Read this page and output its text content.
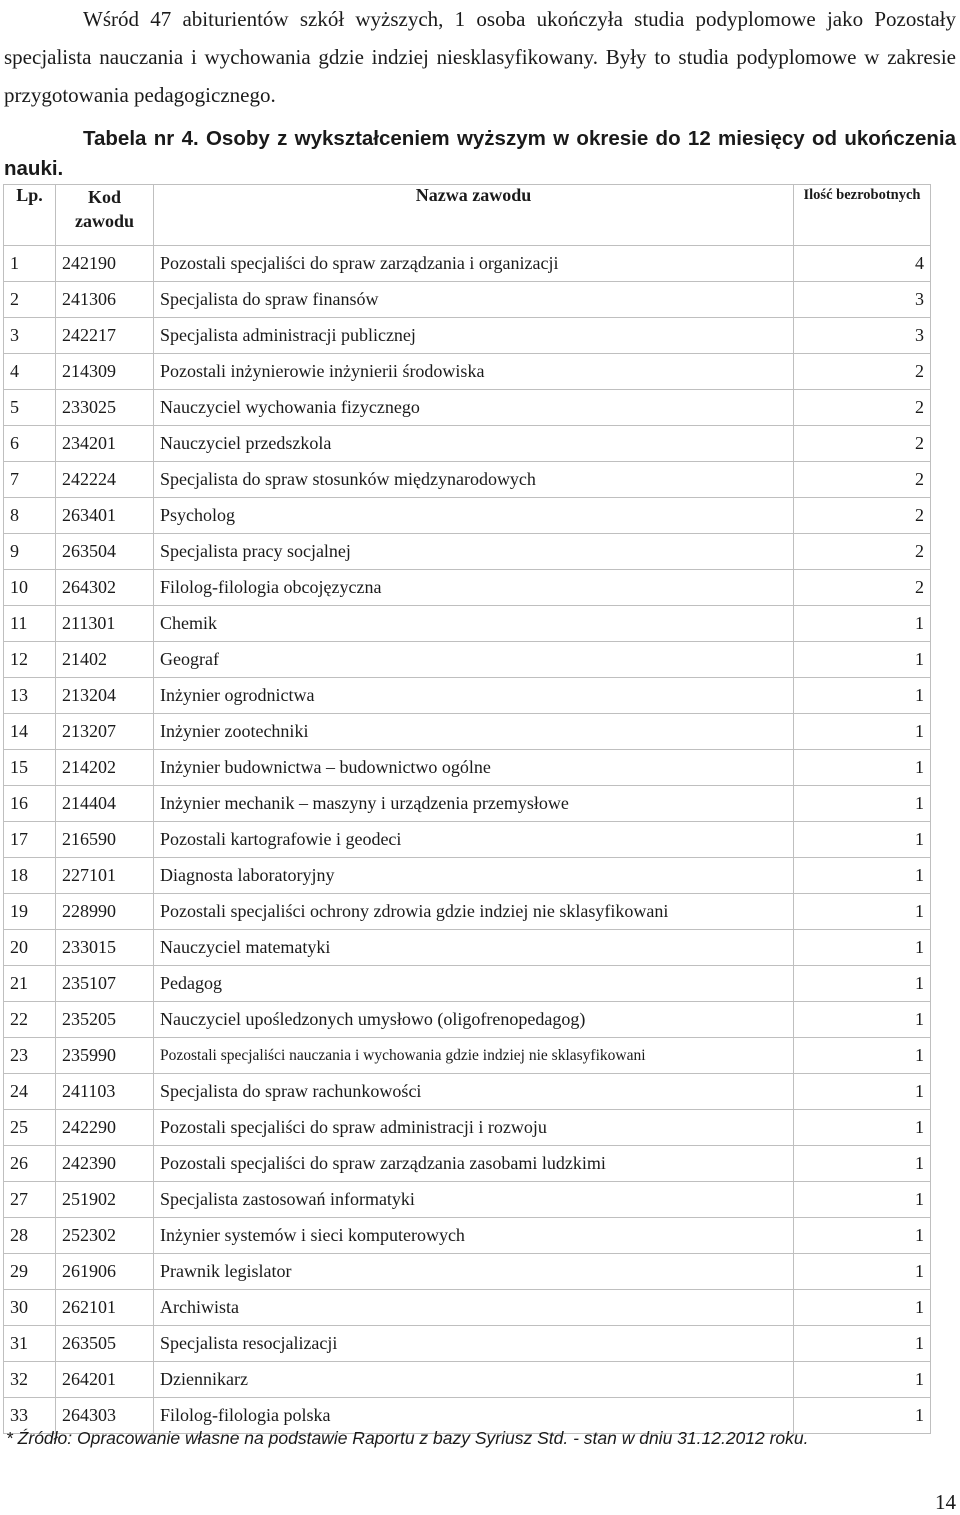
Wśród 47 abiturientów szkół wyższych, 1 osoba ukończyła studia podyplomowe jako Pozostały specjalista nauczania i wychowania gdzie indziej niesklasyfikowany. Były to studia podyplomowe w zakresie przygotowania pedagogicznego.

Tabela nr 4. Osoby z wykształceniem wyższym w okresie do 12 miesięcy od ukończenia nauki.

Lp.	Kod zawodu	Nazwa zawodu	Ilość bezrobotnych
1	242190	Pozostali specjaliści do spraw zarządzania i organizacji	4
2	241306	Specjalista do spraw finansów	3
3	242217	Specjalista administracji publicznej	3
4	214309	Pozostali inżynierowie inżynierii środowiska	2
5	233025	Nauczyciel wychowania fizycznego	2
6	234201	Nauczyciel przedszkola	2
7	242224	Specjalista do spraw stosunków międzynarodowych	2
8	263401	Psycholog	2
9	263504	Specjalista pracy socjalnej	2
10	264302	Filolog-filologia obcojęzyczna	2
11	211301	Chemik	1
12	21402	Geograf	1
13	213204	Inżynier ogrodnictwa	1
14	213207	Inżynier zootechniki	1
15	214202	Inżynier budownictwa – budownictwo ogólne	1
16	214404	Inżynier mechanik – maszyny i urządzenia przemysłowe	1
17	216590	Pozostali kartografowie i geodeci	1
18	227101	Diagnosta laboratoryjny	1
19	228990	Pozostali specjaliści ochrony zdrowia gdzie indziej nie sklasyfikowani	1
20	233015	Nauczyciel matematyki	1
21	235107	Pedagog	1
22	235205	Nauczyciel upośledzonych umysłowo (oligofrenopedagog)	1
23	235990	Pozostali specjaliści nauczania i wychowania gdzie indziej nie sklasyfikowani	1
24	241103	Specjalista do spraw rachunkowości	1
25	242290	Pozostali specjaliści do spraw administracji i rozwoju	1
26	242390	Pozostali specjaliści do spraw zarządzania zasobami ludzkimi	1
27	251902	Specjalista zastosowań informatyki	1
28	252302	Inżynier systemów i sieci komputerowych	1
29	261906	Prawnik legislator	1
30	262101	Archiwista	1
31	263505	Specjalista resocjalizacji	1
32	264201	Dziennikarz	1
33	264303	Filolog-filologia polska	1
* Źródło: Opracowanie własne na podstawie Raportu z bazy Syriusz Std. - stan w dniu 31.12.2012 roku.
14
